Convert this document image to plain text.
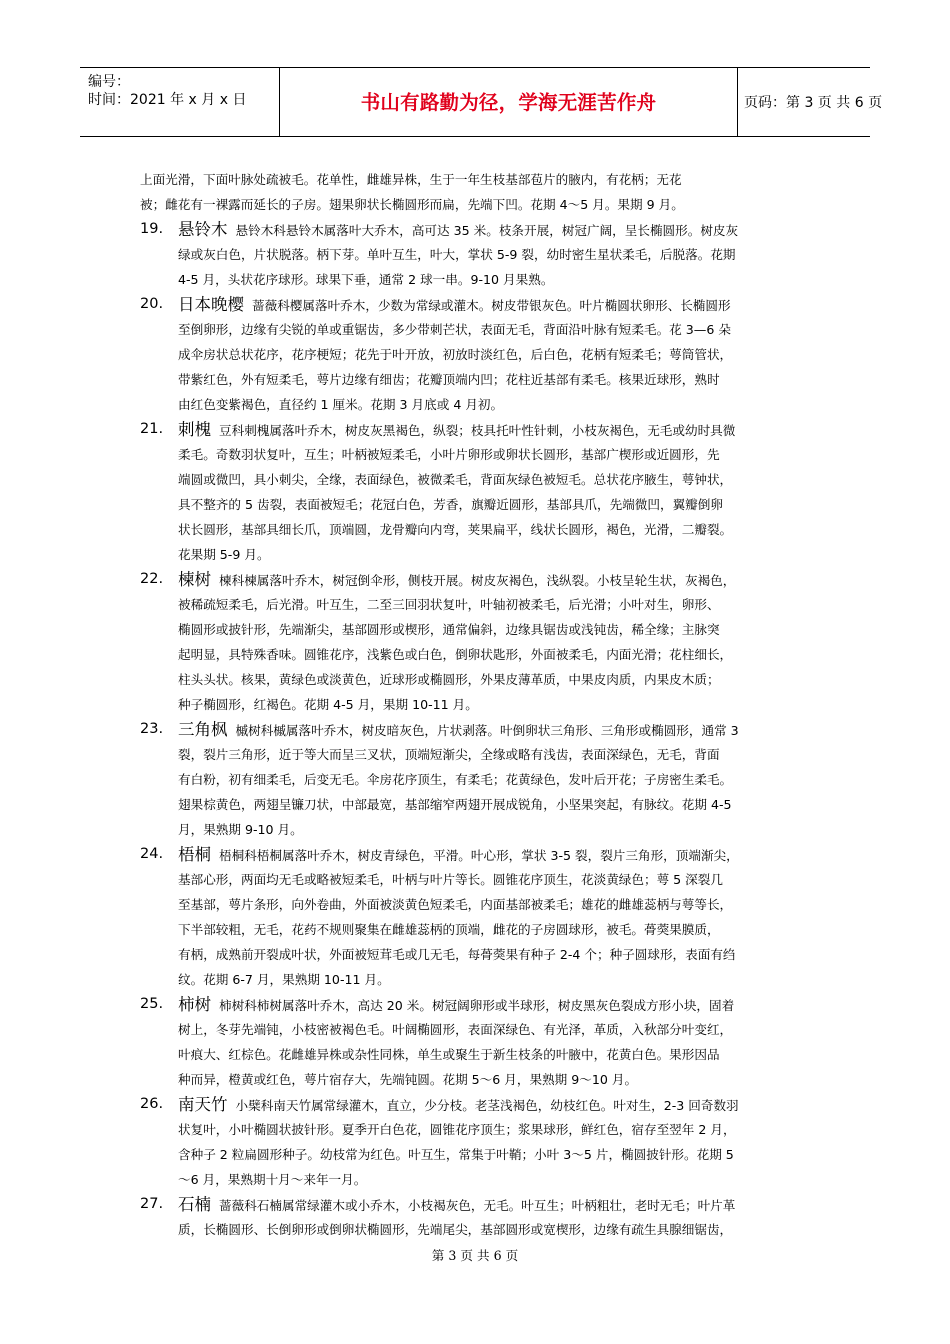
编号：
时间：2021 年 x 月 x 日	书山有路勤为径，学海无涯苦作舟	页码：第 3 页 共 6 页
上面光滑，下面叶脉处疏被毛。花单性，雌雄异株，生于一年生枝基部苞片的腋内，有花柄；无花
被；雌花有一裸露而延长的子房。翅果卵状长椭圆形而扁，先端下凹。花期 4～5 月。果期 9 月。
19. 悬铃木 悬铃木科悬铃木属落叶大乔木，高可达 35 米。枝条开展，树冠广阔，呈长椭圆形。树皮灰
绿或灰白色，片状脱落。柄下芽。单叶互生，叶大，掌状 5-9 裂，幼时密生星状柔毛，后脱落。花期
4-5 月，头状花序球形。球果下垂，通常 2 球一串。9-10 月果熟。
20. 日本晚樱 蔷薇科樱属落叶乔木，少数为常绿或灌木。树皮带银灰色。叶片椭圆状卵形、长椭圆形
至倒卵形，边缘有尖锐的单或重锯齿，多少带刺芒状，表面无毛，背面沿叶脉有短柔毛。花 3—6 朵
成伞房状总状花序，花序梗短；花先于叶开放，初放时淡红色，后白色，花柄有短柔毛；萼筒管状，
带紫红色，外有短柔毛，萼片边缘有细齿；花瓣顶端内凹；花柱近基部有柔毛。核果近球形，熟时
由红色变紫褐色，直径约 1 厘米。花期 3 月底或 4 月初。
21. 刺槐 豆科刺槐属落叶乔木，树皮灰黑褐色，纵裂；枝具托叶性针刺，小枝灰褐色，无毛或幼时具微
柔毛。奇数羽状复叶，互生；叶柄被短柔毛，小叶片卵形或卵状长圆形，基部广楔形或近圆形，先
端圆或微凹，具小刺尖，全缘，表面绿色，被微柔毛，背面灰绿色被短毛。总状花序腋生，萼钟状，
具不整齐的 5 齿裂，表面被短毛；花冠白色，芳香，旗瓣近圆形，基部具爪，先端微凹，翼瓣倒卵
状长圆形，基部具细长爪，顶端圆，龙骨瓣向内弯，荚果扁平，线状长圆形，褐色，光滑，二瓣裂。
花果期 5-9 月。
22. 楝树 楝科楝属落叶乔木，树冠倒伞形，侧枝开展。树皮灰褐色，浅纵裂。小枝呈轮生状，灰褐色，
被稀疏短柔毛，后光滑。叶互生，二至三回羽状复叶，叶轴初被柔毛，后光滑；小叶对生，卵形、
椭圆形或披针形，先端渐尖，基部圆形或楔形，通常偏斜，边缘具锯齿或浅钝齿，稀全缘；主脉突
起明显，具特殊香味。圆锥花序，浅紫色或白色，倒卵状匙形，外面被柔毛，内面光滑；花柱细长，
柱头头状。核果，黄绿色或淡黄色，近球形或椭圆形，外果皮薄革质，中果皮肉质，内果皮木质；
种子椭圆形，红褐色。花期 4-5 月，果期 10-11 月。
23. 三角枫 槭树科槭属落叶乔木，树皮暗灰色，片状剥落。叶倒卵状三角形、三角形或椭圆形，通常 3
裂，裂片三角形，近于等大而呈三叉状，顶端短渐尖，全缘或略有浅齿，表面深绿色，无毛，背面
有白粉，初有细柔毛，后变无毛。伞房花序顶生，有柔毛；花黄绿色，发叶后开花；子房密生柔毛。
翅果棕黄色，两翅呈镰刀状，中部最宽，基部缩窄两翅开展成锐角，小坚果突起，有脉纹。花期 4-5
月，果熟期 9-10 月。
24. 梧桐 梧桐科梧桐属落叶乔木，树皮青绿色，平滑。叶心形，掌状 3-5 裂，裂片三角形，顶端渐尖，
基部心形，两面均无毛或略被短柔毛，叶柄与叶片等长。圆锥花序顶生，花淡黄绿色；萼 5 深裂几
至基部，萼片条形，向外卷曲，外面被淡黄色短柔毛，内面基部被柔毛；雄花的雌雄蕊柄与萼等长，
下半部较粗，无毛，花药不规则聚集在雌雄蕊柄的顶端，雌花的子房圆球形，被毛。蓇葖果膜质，
有柄，成熟前开裂成叶状，外面被短茸毛或几无毛，每蓇葖果有种子 2-4 个；种子圆球形，表面有绉
纹。花期 6-7 月，果熟期 10-11 月。
25. 柿树 柿树科柿树属落叶乔木，高达 20 米。树冠阔卵形或半球形，树皮黑灰色裂成方形小块，固着
树上，冬芽先端钝，小枝密被褐色毛。叶阔椭圆形，表面深绿色、有光泽，革质，入秋部分叶变红，
叶痕大、红棕色。花雌雄异株或杂性同株，单生或聚生于新生枝条的叶腋中，花黄白色。果形因品
种而异，橙黄或红色，萼片宿存大，先端钝圆。花期 5～6 月，果熟期 9～10 月。
26. 南天竹 小檗科南天竹属常绿灌木，直立，少分枝。老茎浅褐色，幼枝红色。叶对生，2-3 回奇数羽
状复叶，小叶椭圆状披针形。夏季开白色花，圆锥花序顶生；浆果球形，鲜红色，宿存至翌年 2 月，
含种子 2 粒扁圆形种子。幼枝常为红色。叶互生，常集于叶鞘；小叶 3～5 片，椭圆披针形。花期 5
～6 月，果熟期十月～来年一月。
27. 石楠 蔷薇科石楠属常绿灌木或小乔木，小枝褐灰色，无毛。叶互生；叶柄粗壮，老时无毛；叶片革
质，长椭圆形、长倒卵形或倒卵状椭圆形，先端尾尖，基部圆形或宽楔形，边缘有疏生具腺细锯齿，
第 3 页 共 6 页
